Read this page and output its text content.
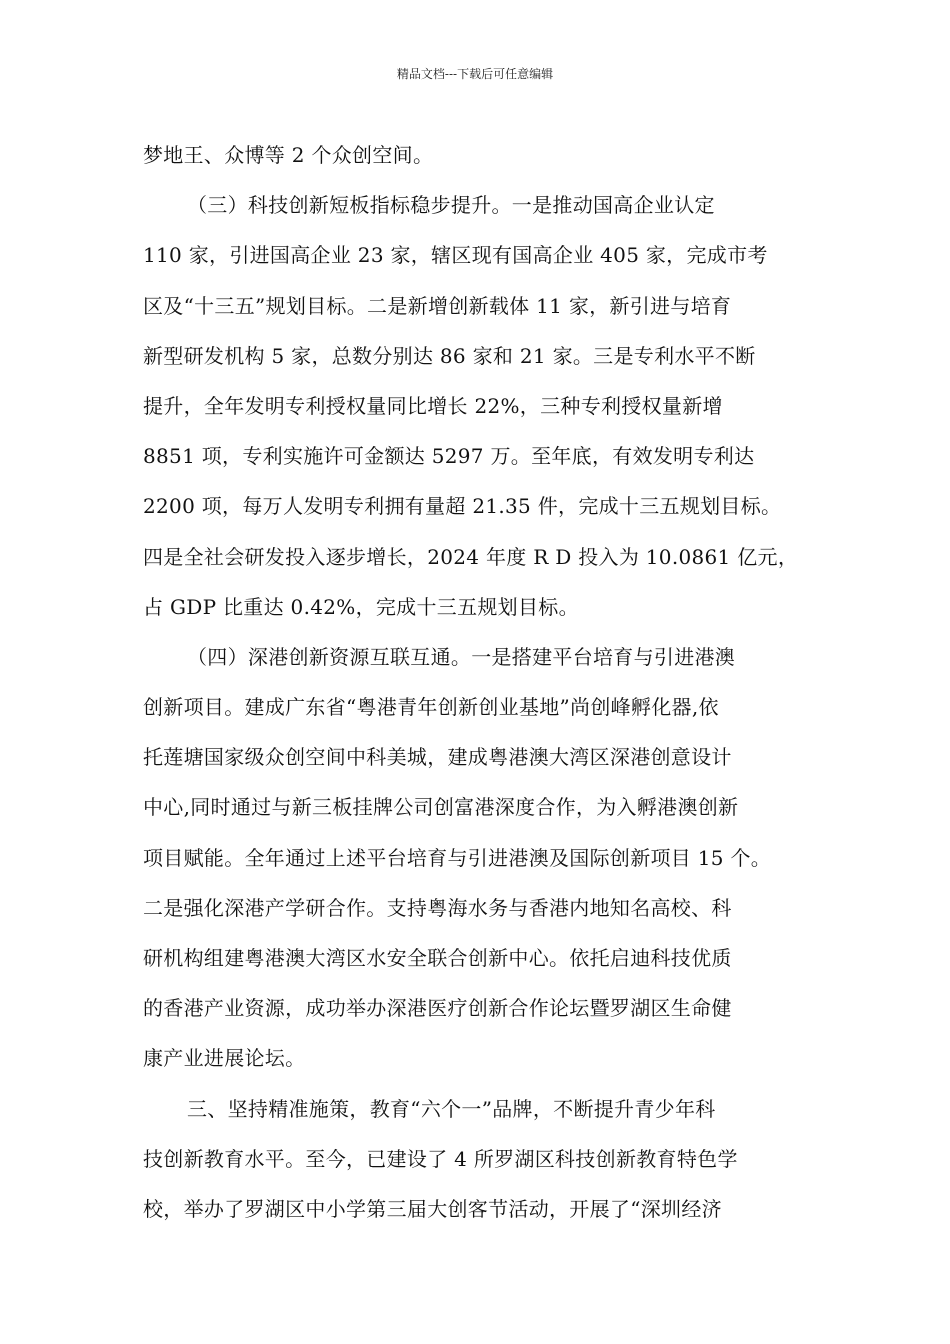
精品文档---下载后可任意编辑
梦地王、众博等 2 个众创空间。
（三）科技创新短板指标稳步提升。一是推动国高企业认定
110 家，引进国高企业 23 家，辖区现有国高企业 405 家，完成市考
区及“十三五”规划目标。二是新增创新载体 11 家，新引进与培育
新型研发机构 5 家，总数分别达 86 家和 21 家。三是专利水平不断
提升，全年发明专利授权量同比增长 22%，三种专利授权量新增
8851 项，专利实施许可金额达 5297 万。至年底，有效发明专利达
2200 项，每万人发明专利拥有量超 21.35 件，完成十三五规划目标。
四是全社会研发投入逐步增长，2024 年度 R D 投入为 10.0861 亿元，
占 GDP 比重达 0.42%，完成十三五规划目标。
（四）深港创新资源互联互通。一是搭建平台培育与引进港澳
创新项目。建成广东省“粤港青年创新创业基地”尚创峰孵化器,依
托莲塘国家级众创空间中科美城，建成粤港澳大湾区深港创意设计
中心,同时通过与新三板挂牌公司创富港深度合作，为入孵港澳创新
项目赋能。全年通过上述平台培育与引进港澳及国际创新项目 15 个。
二是强化深港产学研合作。支持粤海水务与香港内地知名高校、科
研机构组建粤港澳大湾区水安全联合创新中心。依托启迪科技优质
的香港产业资源，成功举办深港医疗创新合作论坛暨罗湖区生命健
康产业进展论坛。
三、坚持精准施策，教育“六个一”品牌，不断提升青少年科
技创新教育水平。至今，已建设了 4 所罗湖区科技创新教育特色学
校，举办了罗湖区中小学第三届大创客节活动，开展了“深圳经济
